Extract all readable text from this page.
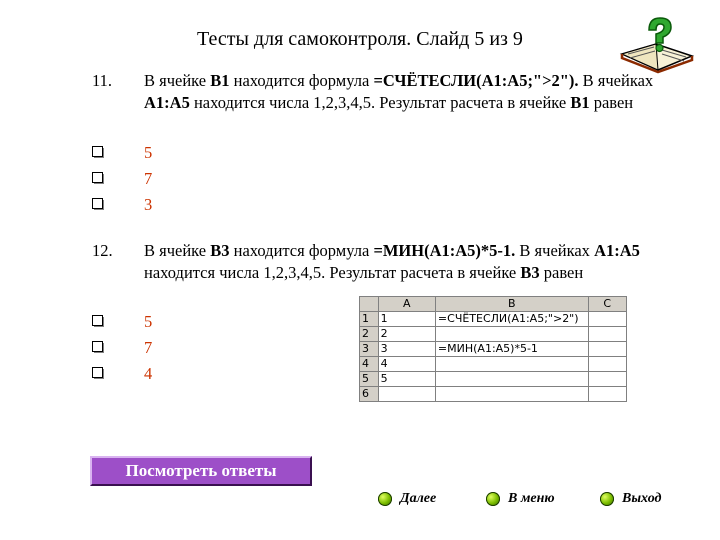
Тесты для самоконтроля. Слайд 5 из 9
11. В ячейке В1 находится формула =СЧЁТЕСЛИ(А1:А5;">2"). В ячейках А1:А5 находится числа 1,2,3,4,5. Результат расчета в ячейке В1 равен
5
7
3
12. В ячейке В3 находится формула =МИН(А1:А5)*5-1. В ячейках А1:А5 находится числа 1,2,3,4,5. Результат расчета в ячейке В3 равен
5
7
4
	A	B	C
1	1	=СЧЁТЕСЛИ(А1:А5;">2")	
2	2		
3	3	=МИН(А1:А5)*5-1	
4	4		
5	5		
6			
Посмотреть ответы
Далее	В меню	Выход
